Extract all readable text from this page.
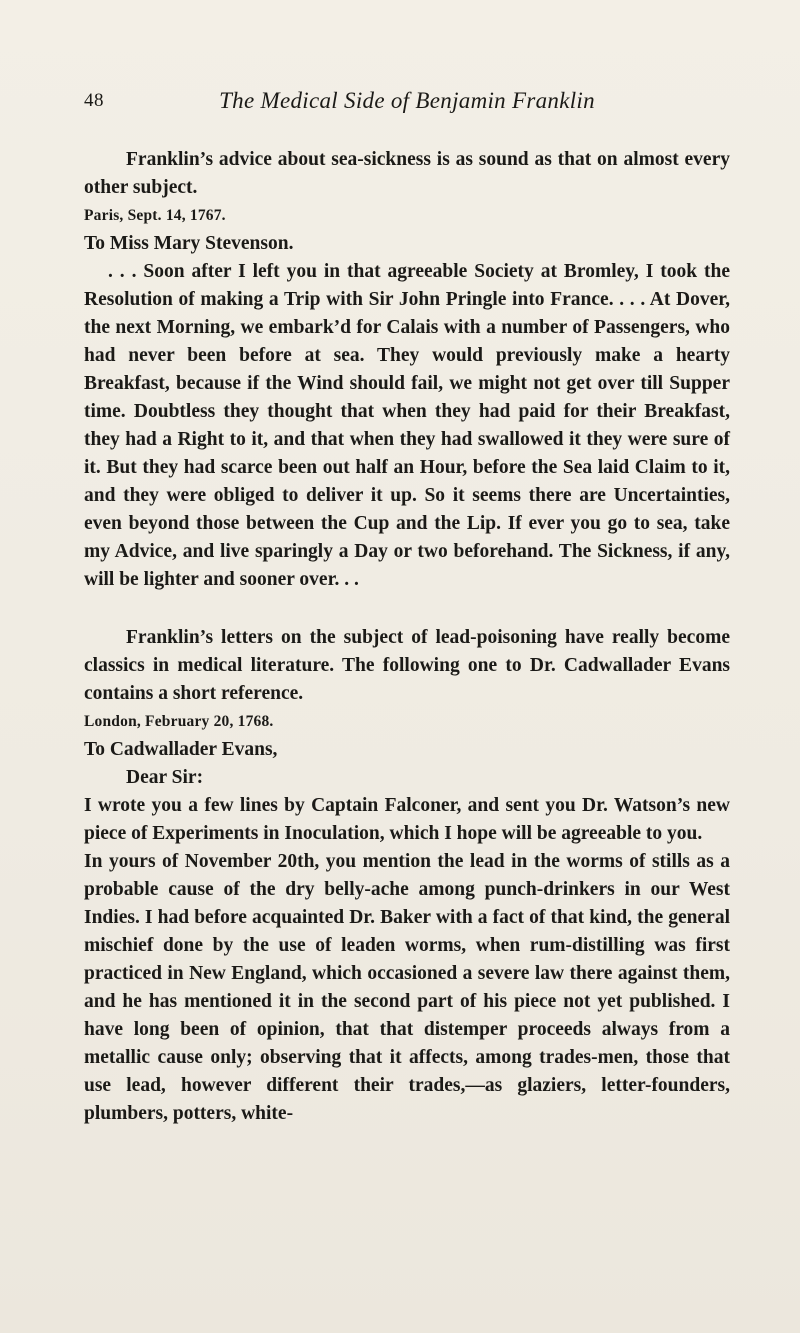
48	The Medical Side of Benjamin Franklin

Franklin’s advice about sea-sickness is as sound as that on almost every other subject.

Paris, Sept. 14, 1767.

To Miss Mary Stevenson.

. . . Soon after I left you in that agreeable Society at Bromley, I took the Resolution of making a Trip with Sir John Pringle into France. . . . At Dover, the next Morning, we embark’d for Calais with a number of Passengers, who had never been before at sea. They would previously make a hearty Breakfast, because if the Wind should fail, we might not get over till Supper time. Doubtless they thought that when they had paid for their Breakfast, they had a Right to it, and that when they had swallowed it they were sure of it. But they had scarce been out half an Hour, before the Sea laid Claim to it, and they were obliged to deliver it up. So it seems there are Uncertainties, even beyond those between the Cup and the Lip. If ever you go to sea, take my Advice, and live sparingly a Day or two beforehand. The Sickness, if any, will be lighter and sooner over. . .

Franklin’s letters on the subject of lead-poisoning have really become classics in medical literature. The following one to Dr. Cadwallader Evans contains a short reference.

London, February 20, 1768.

To Cadwallader Evans,

Dear Sir:

I wrote you a few lines by Captain Falconer, and sent you Dr. Watson’s new piece of Experiments in Inoculation, which I hope will be agreeable to you.

In yours of November 20th, you mention the lead in the worms of stills as a probable cause of the dry belly-ache among punch-drinkers in our West Indies. I had before acquainted Dr. Baker with a fact of that kind, the general mischief done by the use of leaden worms, when rum-distilling was first practiced in New England, which occasioned a severe law there against them, and he has mentioned it in the second part of his piece not yet published. I have long been of opinion, that that distemper proceeds always from a metallic cause only; observing that it affects, among trades-men, those that use lead, however different their trades,—as glaziers, letter-founders, plumbers, potters, white-
